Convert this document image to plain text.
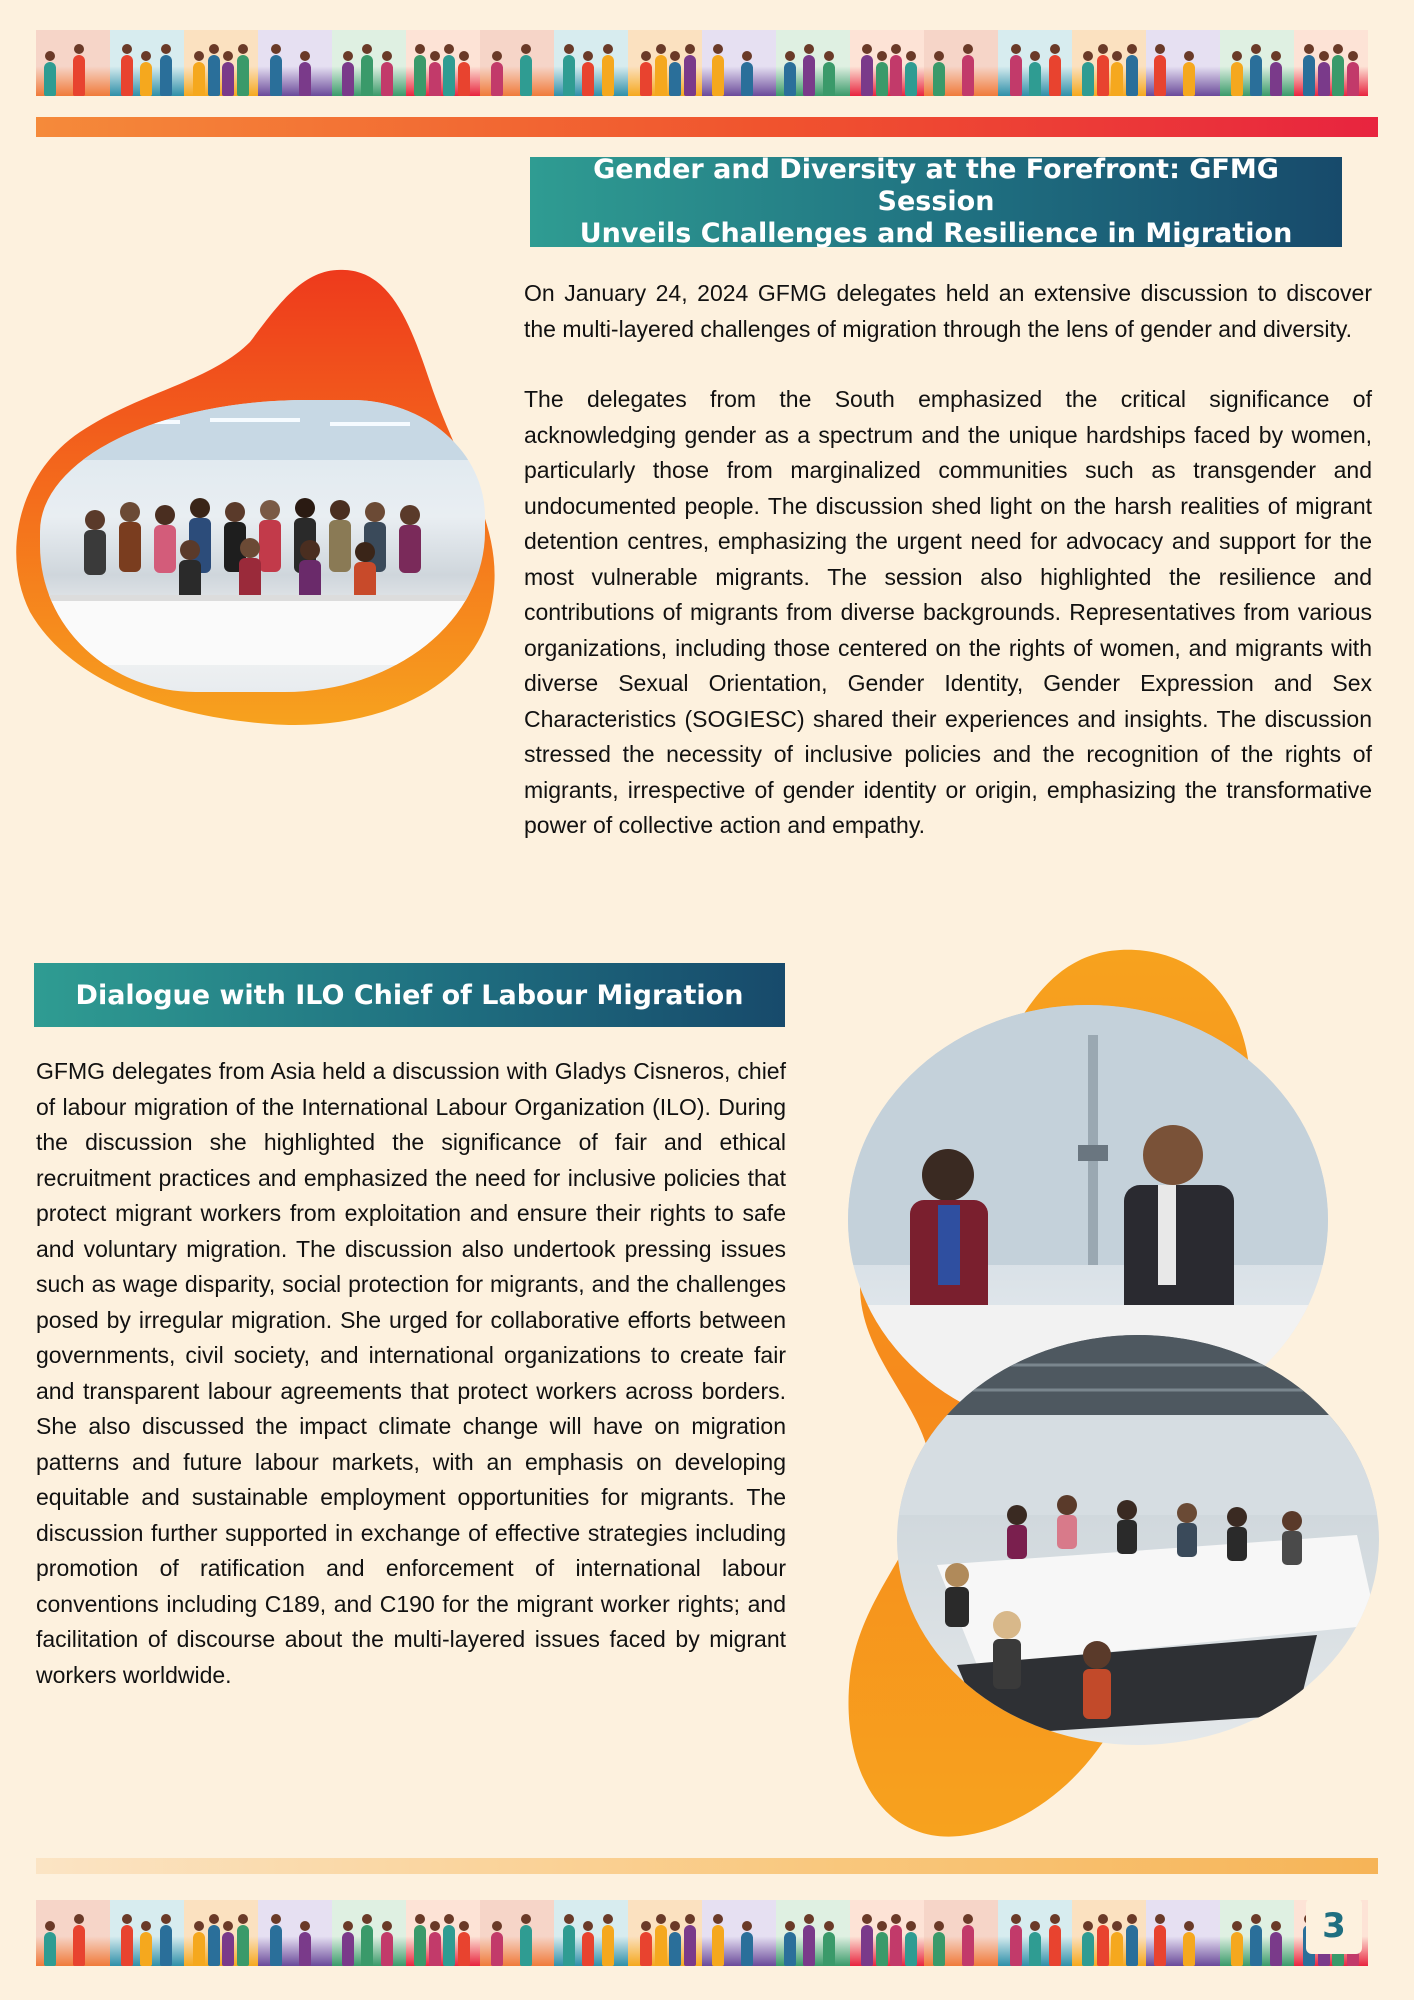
Gender and Diversity at the Forefront: GFMG Session
Unveils Challenges and Resilience in Migration

On January 24, 2024 GFMG delegates held an extensive discussion to discover the multi-layered challenges of migration through the lens of gender and diversity.

The delegates from the South emphasized the critical significance of acknowledging gender as a spectrum and the unique hardships faced by women, particularly those from marginalized communities such as transgender and undocumented people. The discussion shed light on the harsh realities of migrant detention centres, emphasizing the urgent need for advocacy and support for the most vulnerable migrants. The session also highlighted the resilience and contributions of migrants from diverse backgrounds. Representatives from various organizations, including those centered on the rights of women, and migrants with diverse Sexual Orientation, Gender Identity, Gender Expression and Sex Characteristics (SOGIESC) shared their experiences and insights. The discussion stressed the necessity of inclusive policies and the recognition of the rights of migrants, irrespective of gender identity or origin, emphasizing the transformative power of collective action and empathy.

Dialogue with ILO Chief of Labour Migration

GFMG delegates from Asia held a discussion with Gladys Cisneros, chief of labour migration of the International Labour Organization (ILO). During the discussion she highlighted the significance of fair and ethical recruitment practices and emphasized the need for inclusive policies that protect migrant workers from exploitation and ensure their rights to safe and voluntary migration. The discussion also undertook pressing issues such as wage disparity, social protection for migrants, and the challenges posed by irregular migration. She urged for collaborative efforts between governments, civil society, and international organizations to create fair and transparent labour agreements that protect workers across borders. She also discussed the impact climate change will have on migration patterns and future labour markets, with an emphasis on developing equitable and sustainable employment opportunities for migrants. The discussion further supported in exchange of effective strategies including promotion of ratification and enforcement of international labour conventions including C189, and C190 for the migrant worker rights; and facilitation of discourse about the multi-layered issues faced by migrant workers worldwide.

3
